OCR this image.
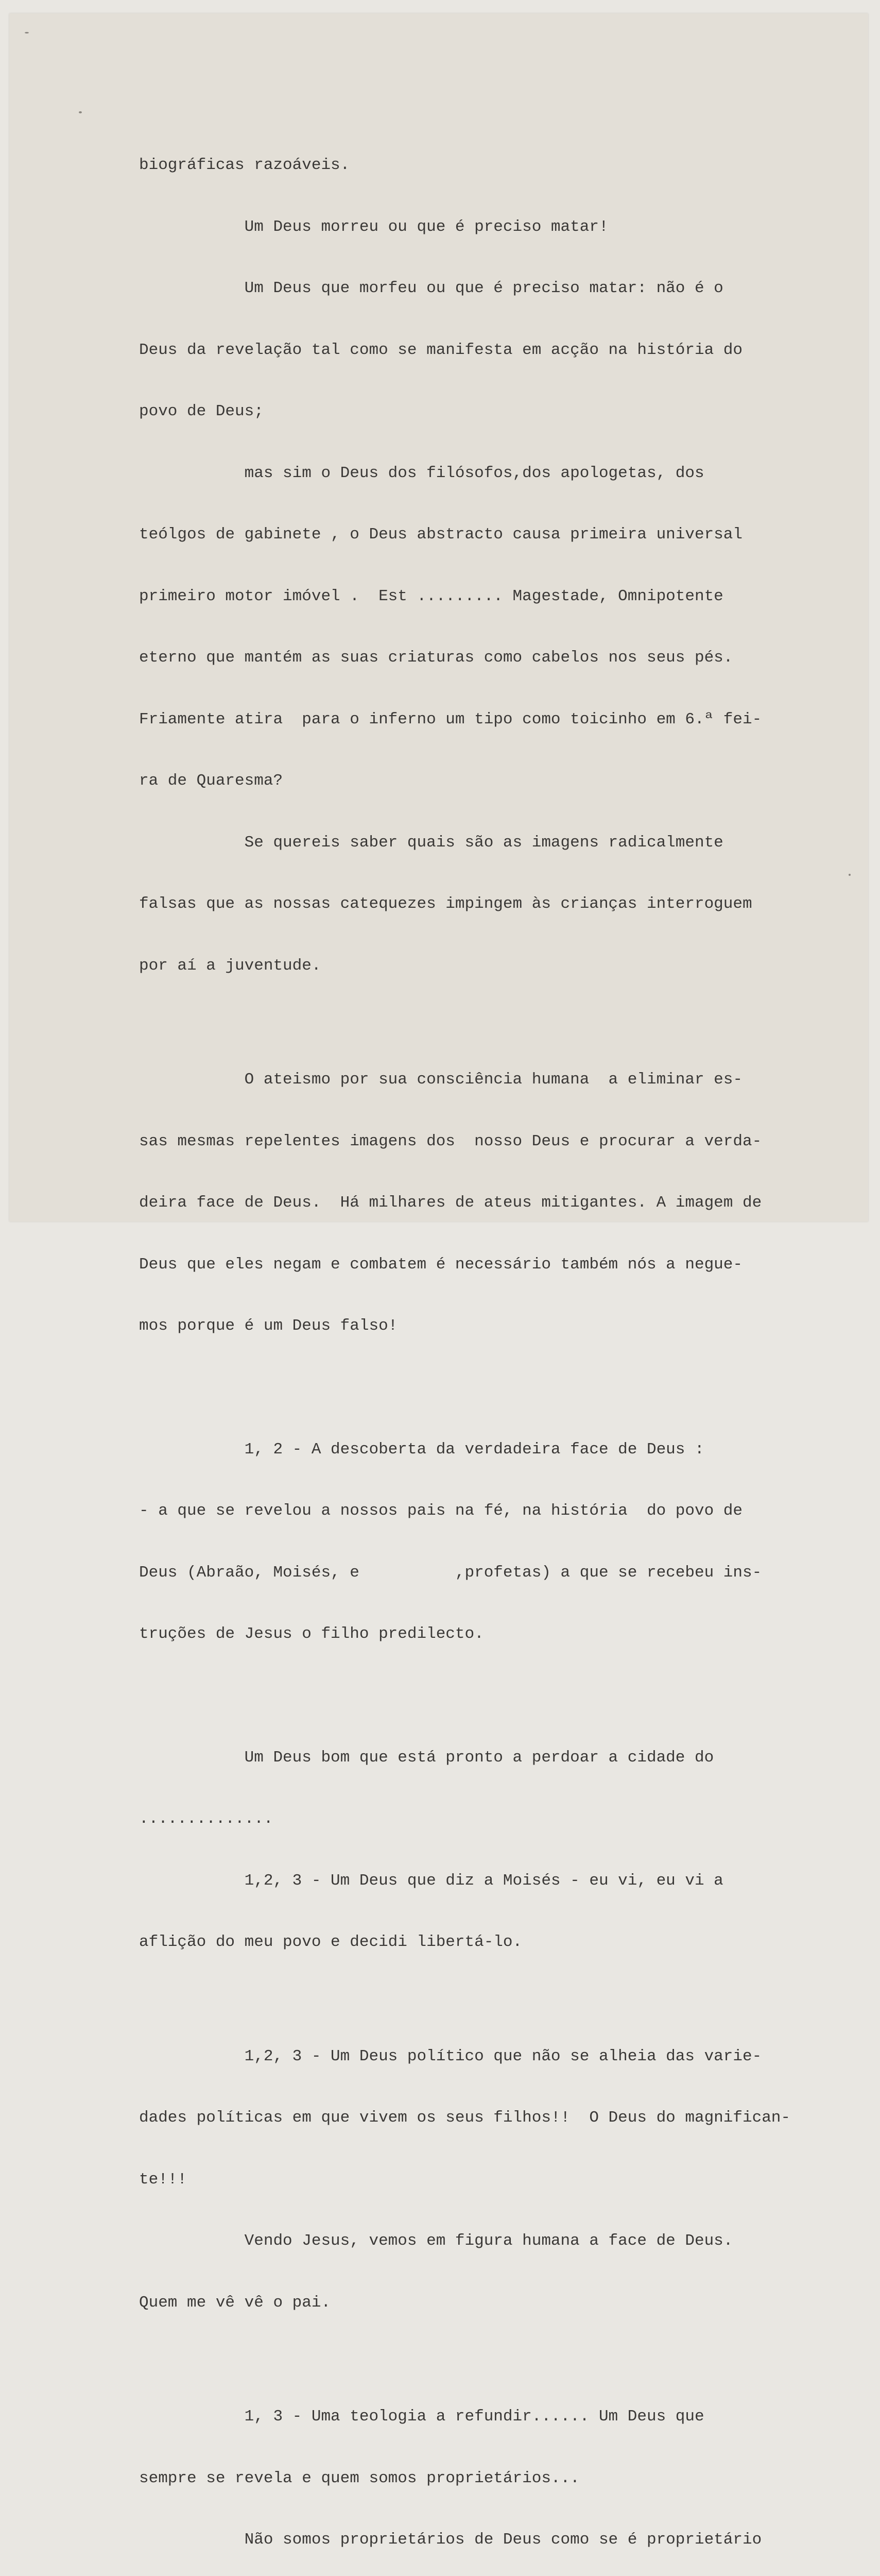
biográficas razoáveis.

Um Deus morreu ou que é preciso matar!

Um Deus que morfeu ou que é preciso matar: não é o

Deus da revelação tal como se manifesta em acção na história do

povo de Deus;

mas sim o Deus dos filósofos,dos apologetas, dos

teólgos de gabinete , o Deus abstracto causa primeira universal

primeiro motor imóvel .  Est ......... Magestade, Omnipotente

eterno que mantém as suas criaturas como cabelos nos seus pés.

Friamente atira  para o inferno um tipo como toicinho em 6.ª fei-

ra de Quaresma?

Se quereis saber quais são as imagens radicalmente

falsas que as nossas catequezes impingem às crianças interroguem

por aí a juventude.

O ateismo por sua consciência humana  a eliminar es-

sas mesmas repelentes imagens dos  nosso Deus e procurar a verda-

deira face de Deus.  Há milhares de ateus mitigantes. A imagem de

Deus que eles negam e combatem é necessário também nós a negue-

mos porque é um Deus falso!

1, 2 - A descoberta da verdadeira face de Deus :

- a que se revelou a nossos pais na fé, na história  do povo de

Deus (Abraão, Moisés, e          ,profetas) a que se recebeu ins-

truções de Jesus o filho predilecto.

Um Deus bom que está pronto a perdoar a cidade do

..............

1,2, 3 - Um Deus que diz a Moisés - eu vi, eu vi a

aflição do meu povo e decidi libertá-lo.

1,2, 3 - Um Deus político que não se alheia das varie-

dades políticas em que vivem os seus filhos!!  O Deus do magnifican-

te!!!

Vendo Jesus, vemos em figura humana a face de Deus.

Quem me vê vê o pai.

1, 3 - Uma teologia a refundir...... Um Deus que

sempre se revela e quem somos proprietários...

Não somos proprietários de Deus como se é proprietário
